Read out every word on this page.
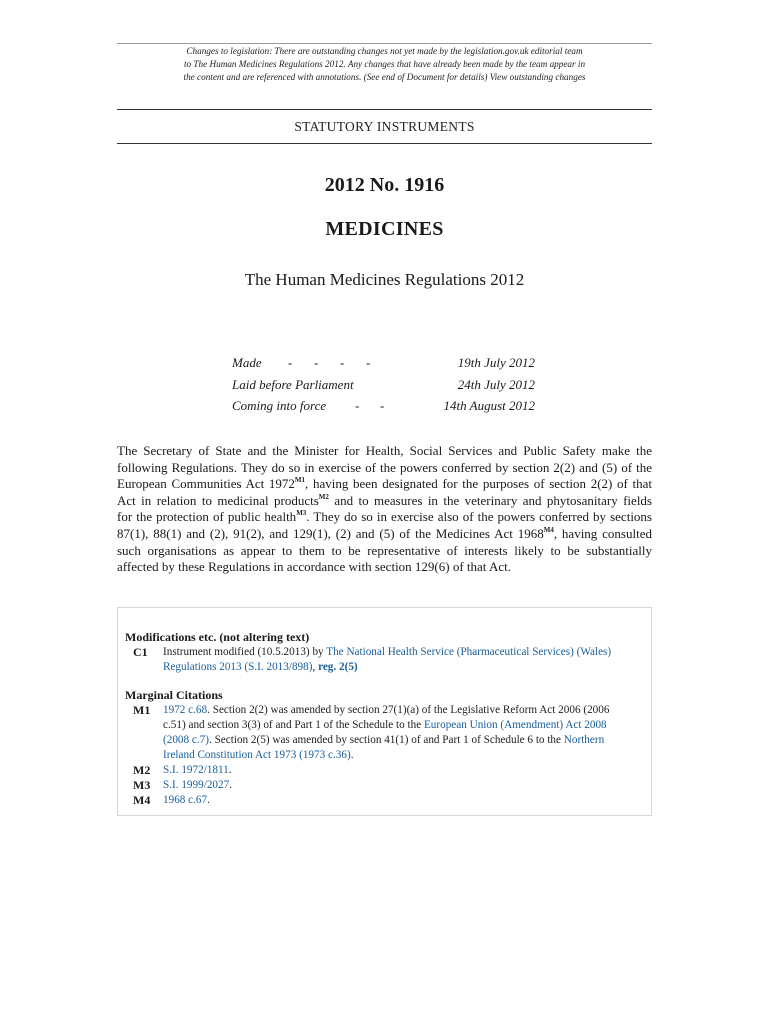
Changes to legislation: There are outstanding changes not yet made by the legislation.gov.uk editorial team

to The Human Medicines Regulations 2012. Any changes that have already been made by the team appear in

the content and are referenced with annotations. (See end of Document for details) View outstanding changes

STATUTORY INSTRUMENTS
2012 No. 1916
MEDICINES
The Human Medicines Regulations 2012
Made - - - -	19th July 2012
Laid before Parliament	24th July 2012
Coming into force - -	14th August 2012
The Secretary of State and the Minister for Health, Social Services and Public Safety make the
following Regulations. They do so in exercise of the powers conferred by section 2(2) and (5) of the
European Communities Act $1972^{M1}$, having been designated for the purposes of section 2(2) of that
Act in relation to medicinal products$^{M2}$ and to measures in the veterinary and phytosanitary fields
for the protection of public health$^{M3}$. They do so in exercise also of the powers conferred by sections
87(1), 88(1) and (2), 91(2), and 129(1), (2) and (5) of the Medicines Act $1968^{M4}$, having consulted
such organisations as appear to them to be representative of interests likely to be substantially
affected by these Regulations in accordance with section 129(6) of that Act.
Modifications etc. (not altering text)
C1	Instrument modified (10.5.2013) by The National Health Service (Pharmaceutical Services) (Wales)
Regulations 2013 (S.I. 2013/898), reg. 2(5)
Marginal Citations
M1	1972 c.68. Section 2(2) was amended by section 27(1)(a) of the Legislative Reform Act 2006 (2006
c.51) and section 3(3) of and Part 1 of the Schedule to the European Union (Amendment) Act 2008
(2008 c.7). Section 2(5) was amended by section 41(1) of and Part 1 of Schedule 6 to the Northern
Ireland Constitution Act 1973 (1973 c.36).
M2	S.I. 1972/1811.
M3	S.I. 1999/2027.
M4	1968 c.67.
